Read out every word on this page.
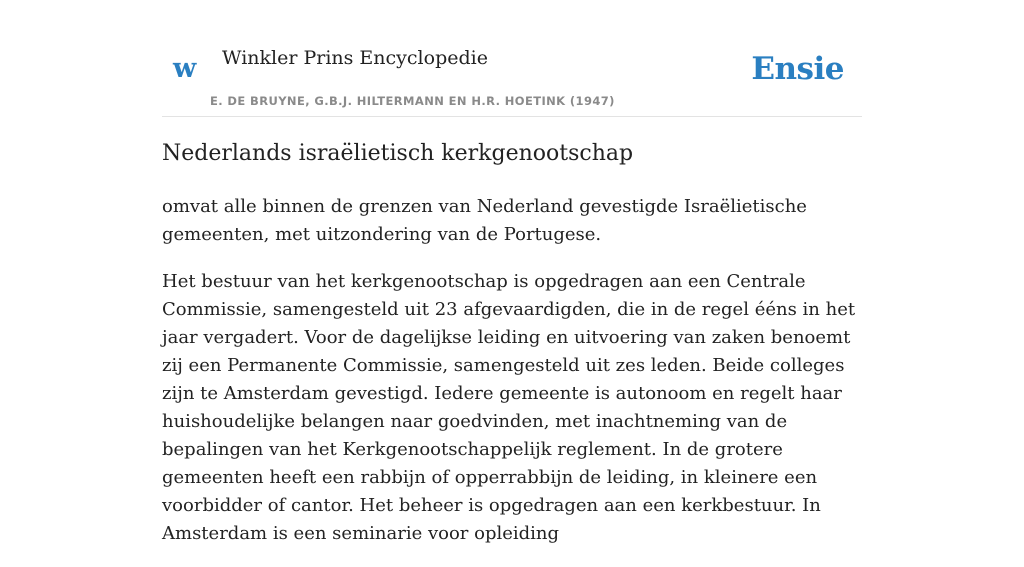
w Winkler Prins Encyclopedie
E. DE BRUYNE, G.B.J. HILTERMANN EN H.R. HOETINK (1947)
Ensie
Nederlands israëlietisch kerkgenootschap

omvat alle binnen de grenzen van Nederland gevestigde Israëlietische gemeenten, met uitzondering van de Portugese.

Het bestuur van het kerkgenootschap is opgedragen aan een Centrale Commissie, samengesteld uit 23 afgevaardigden, die in de regel ééns in het jaar vergadert. Voor de dagelijkse leiding en uitvoering van zaken benoemt zij een Permanente Commissie, samengesteld uit zes leden. Beide colleges zijn te Amsterdam gevestigd. Iedere gemeente is autonoom en regelt haar huishoudelijke belangen naar goedvinden, met inachtneming van de bepalingen van het Kerkgenootschappelijk reglement. In de grotere gemeenten heeft een rabbijn of opperrabbijn de leiding, in kleinere een voorbidder of cantor. Het beheer is opgedragen aan een kerkbestuur. In Amsterdam is een seminarie voor opleiding
